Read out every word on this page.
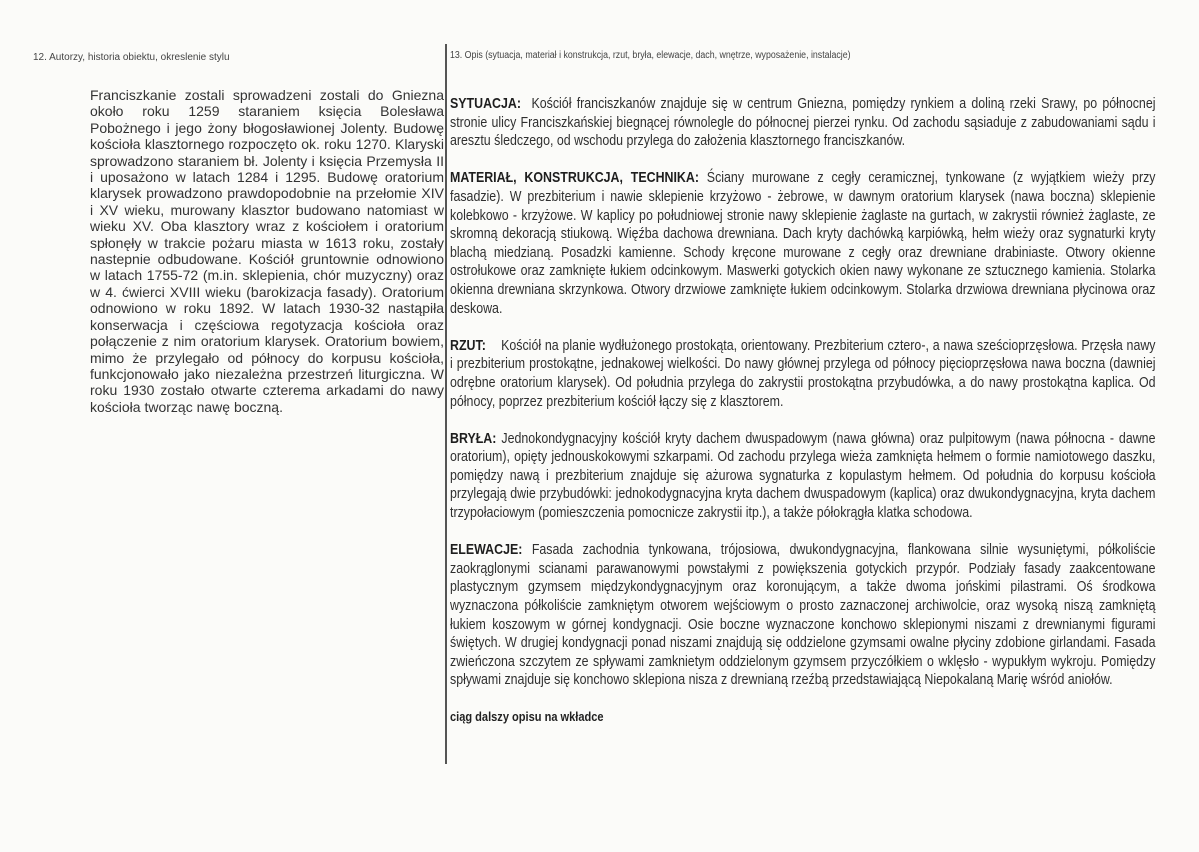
12. Autorzy, historia obiektu, okreslenie stylu	13. Opis (sytuacja, materiał i konstrukcja, rzut, bryła, elewacje, dach, wnętrze, wyposażenie, instalacje)
Franciszkanie zostali sprowadzeni zostali do Gniezna około roku 1259 staraniem księcia Bolesława Pobożnego i jego żony błogosławionej Jolenty. Budowę kościoła klasztornego rozpoczęto ok. roku 1270. Klaryski sprowadzono staraniem bł. Jolenty i księcia Przemysła II i uposażono w latach 1284 i 1295. Budowę oratorium klarysek prowadzono prawdopodobnie na przełomie XIV i XV wieku, murowany klasztor budowano natomiast w wieku XV. Oba klasztory wraz z kościołem i oratorium spłonęły w trakcie pożaru miasta w 1613 roku, zostały nastepnie odbudowane. Kościół gruntownie odnowiono w latach 1755-72 (m.in. sklepienia, chór muzyczny) oraz w 4. ćwierci XVIII wieku (barokizacja fasady). Oratorium odnowiono w roku 1892. W latach 1930-32 nastąpiła konserwacja i częściowa regotyzacja kościoła oraz połączenie z nim oratorium klarysek. Oratorium bowiem, mimo że przylegało od północy do korpusu kościoła, funkcjonowało jako niezależna przestrzeń liturgiczna. W roku 1930 zostało otwarte czterema arkadami do nawy kościoła tworząc nawę boczną.

SYTUACJA: Kościół franciszkanów znajduje się w centrum Gniezna, pomiędzy rynkiem a doliną rzeki Srawy, po północnej stronie ulicy Franciszkańskiej biegnącej równolegle do północnej pierzei rynku. Od zachodu sąsiaduje z zabudowaniami sądu i aresztu śledczego, od wschodu przylega do założenia klasztornego franciszkanów.

MATERIAŁ, KONSTRUKCJA, TECHNIKA: Ściany murowane z cegły ceramicznej, tynkowane (z wyjątkiem wieży przy fasadzie). W prezbiterium i nawie sklepienie krzyżowo - żebrowe, w dawnym oratorium klarysek (nawa boczna) sklepienie kolebkowo - krzyżowe. W kaplicy po południowej stronie nawy sklepienie żaglaste na gurtach, w zakrystii również żaglaste, ze skromną dekoracją stiukową. Więźba dachowa drewniana. Dach kryty dachówką karpiówką, hełm wieży oraz sygnaturki kryty blachą miedzianą. Posadzki kamienne. Schody kręcone murowane z cegły oraz drewniane drabiniaste. Otwory okienne ostrołukowe oraz zamknięte łukiem odcinkowym. Maswerki gotyckich okien nawy wykonane ze sztucznego kamienia. Stolarka okienna drewniana skrzynkowa. Otwory drzwiowe zamknięte łukiem odcinkowym. Stolarka drzwiowa drewniana płycinowa oraz deskowa.

RZUT: Kościół na planie wydłużonego prostokąta, orientowany. Prezbiterium cztero-, a nawa sześcioprzęsłowa. Przęsła nawy i prezbiterium prostokątne, jednakowej wielkości. Do nawy głównej przylega od północy pięcioprzęsłowa nawa boczna (dawniej odrębne oratorium klarysek). Od południa przylega do zakrystii prostokątna przybudówka, a do nawy prostokątna kaplica. Od północy, poprzez prezbiterium kościół łączy się z klasztorem.

BRYŁA: Jednokondygnacyjny kościół kryty dachem dwuspadowym (nawa główna) oraz pulpitowym (nawa północna - dawne oratorium), opięty jednouskokowymi szkarpami. Od zachodu przylega wieża zamknięta hełmem o formie namiotowego daszku, pomiędzy nawą i prezbiterium znajduje się ażurowa sygnaturka z kopulastym hełmem. Od południa do korpusu kościoła przylegają dwie przybudówki: jednokodygnacyjna kryta dachem dwuspadowym (kaplica) oraz dwukondygnacyjna, kryta dachem trzypołaciowym (pomieszczenia pomocnicze zakrystii itp.), a także półokrągła klatka schodowa.

ELEWACJE: Fasada zachodnia tynkowana, trójosiowa, dwukondygnacyjna, flankowana silnie wysuniętymi, półkoliście zaokrąglonymi scianami parawanowymi powstałymi z powiększenia gotyckich przypór. Podziały fasady zaakcentowane plastycznym gzymsem międzykondygnacyjnym oraz koronującym, a także dwoma jońskimi pilastrami. Oś środkowa wyznaczona półkoliście zamkniętym otworem wejściowym o prosto zaznaczonej archiwolcie, oraz wysoką niszą zamkniętą łukiem koszowym w górnej kondygnacji. Osie boczne wyznaczone konchowo sklepionymi niszami z drewnianymi figurami świętych. W drugiej kondygnacji ponad niszami znajdują się oddzielone gzymsami owalne płyciny zdobione girlandami. Fasada zwieńczona szczytem ze spływami zamknietym oddzielonym gzymsem przyczółkiem o wklęsło - wypukłym wykroju. Pomiędzy spływami znajduje się konchowo sklepiona nisza z drewnianą rzeźbą przedstawiającą Niepokalaną Marię wśród aniołów.

ciąg dalszy opisu na wkładce
